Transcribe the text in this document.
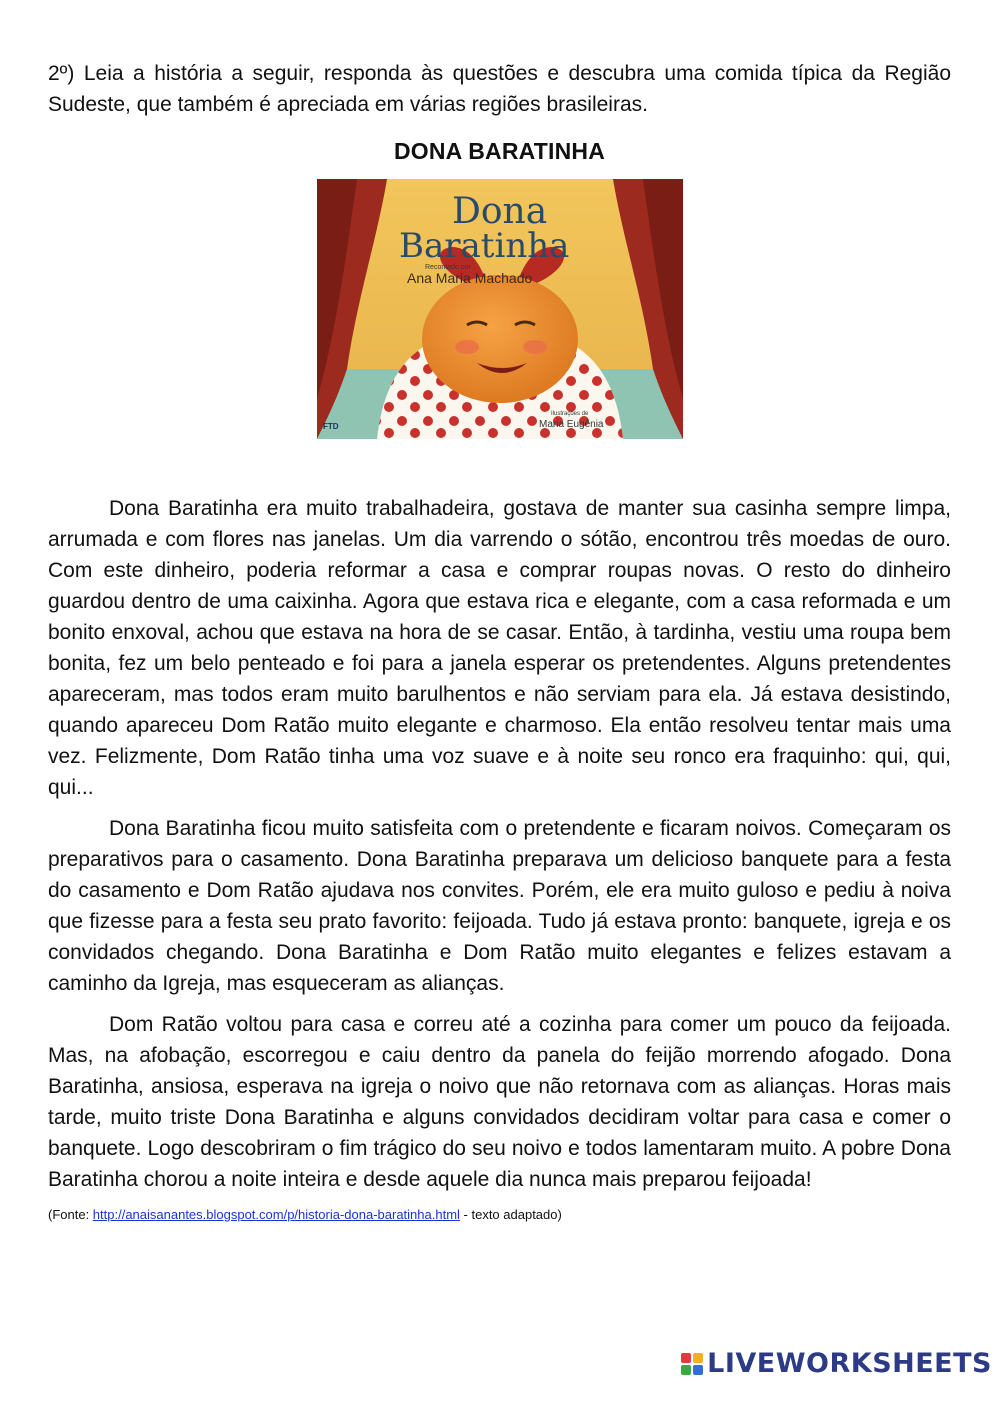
2º) Leia a história a seguir, responda às questões e descubra uma comida típica da Região Sudeste, que também é apreciada em várias regiões brasileiras.

DONA BARATINHA
Dona
Baratinha
Recontado por
Ana Maria Machado
Ilustrações de
Maria Eugênia
FTD

Dona Baratinha era muito trabalhadeira, gostava de manter sua casinha sempre limpa, arrumada e com flores nas janelas. Um dia varrendo o sótão, encontrou três moedas de ouro. Com este dinheiro, poderia reformar a casa e comprar roupas novas. O resto do dinheiro guardou dentro de uma caixinha. Agora que estava rica e elegante, com a casa reformada e um bonito enxoval, achou que estava na hora de se casar. Então, à tardinha, vestiu uma roupa bem bonita, fez um belo penteado e foi para a janela esperar os pretendentes. Alguns pretendentes apareceram, mas todos eram muito barulhentos e não serviam para ela. Já estava desistindo, quando apareceu Dom Ratão muito elegante e charmoso. Ela então resolveu tentar mais uma vez. Felizmente, Dom Ratão tinha uma voz suave e à noite seu ronco era fraquinho: qui, qui, qui...

Dona Baratinha ficou muito satisfeita com o pretendente e ficaram noivos. Começaram os preparativos para o casamento. Dona Baratinha preparava um delicioso banquete para a festa do casamento e Dom Ratão ajudava nos convites. Porém, ele era muito guloso e pediu à noiva que fizesse para a festa seu prato favorito: feijoada. Tudo já estava pronto: banquete, igreja e os convidados chegando. Dona Baratinha e Dom Ratão muito elegantes e felizes estavam a caminho da Igreja, mas esqueceram as alianças.

Dom Ratão voltou para casa e correu até a cozinha para comer um pouco da feijoada. Mas, na afobação, escorregou e caiu dentro da panela do feijão morrendo afogado. Dona Baratinha, ansiosa, esperava na igreja o noivo que não retornava com as alianças. Horas mais tarde, muito triste Dona Baratinha e alguns convidados decidiram voltar para casa e comer o banquete. Logo descobriram o fim trágico do seu noivo e todos lamentaram muito. A pobre Dona Baratinha chorou a noite inteira e desde aquele dia nunca mais preparou feijoada!

(Fonte: http://anaisanantes.blogspot.com/p/historia-dona-baratinha.html - texto adaptado)
LIVEWORKSHEETS
